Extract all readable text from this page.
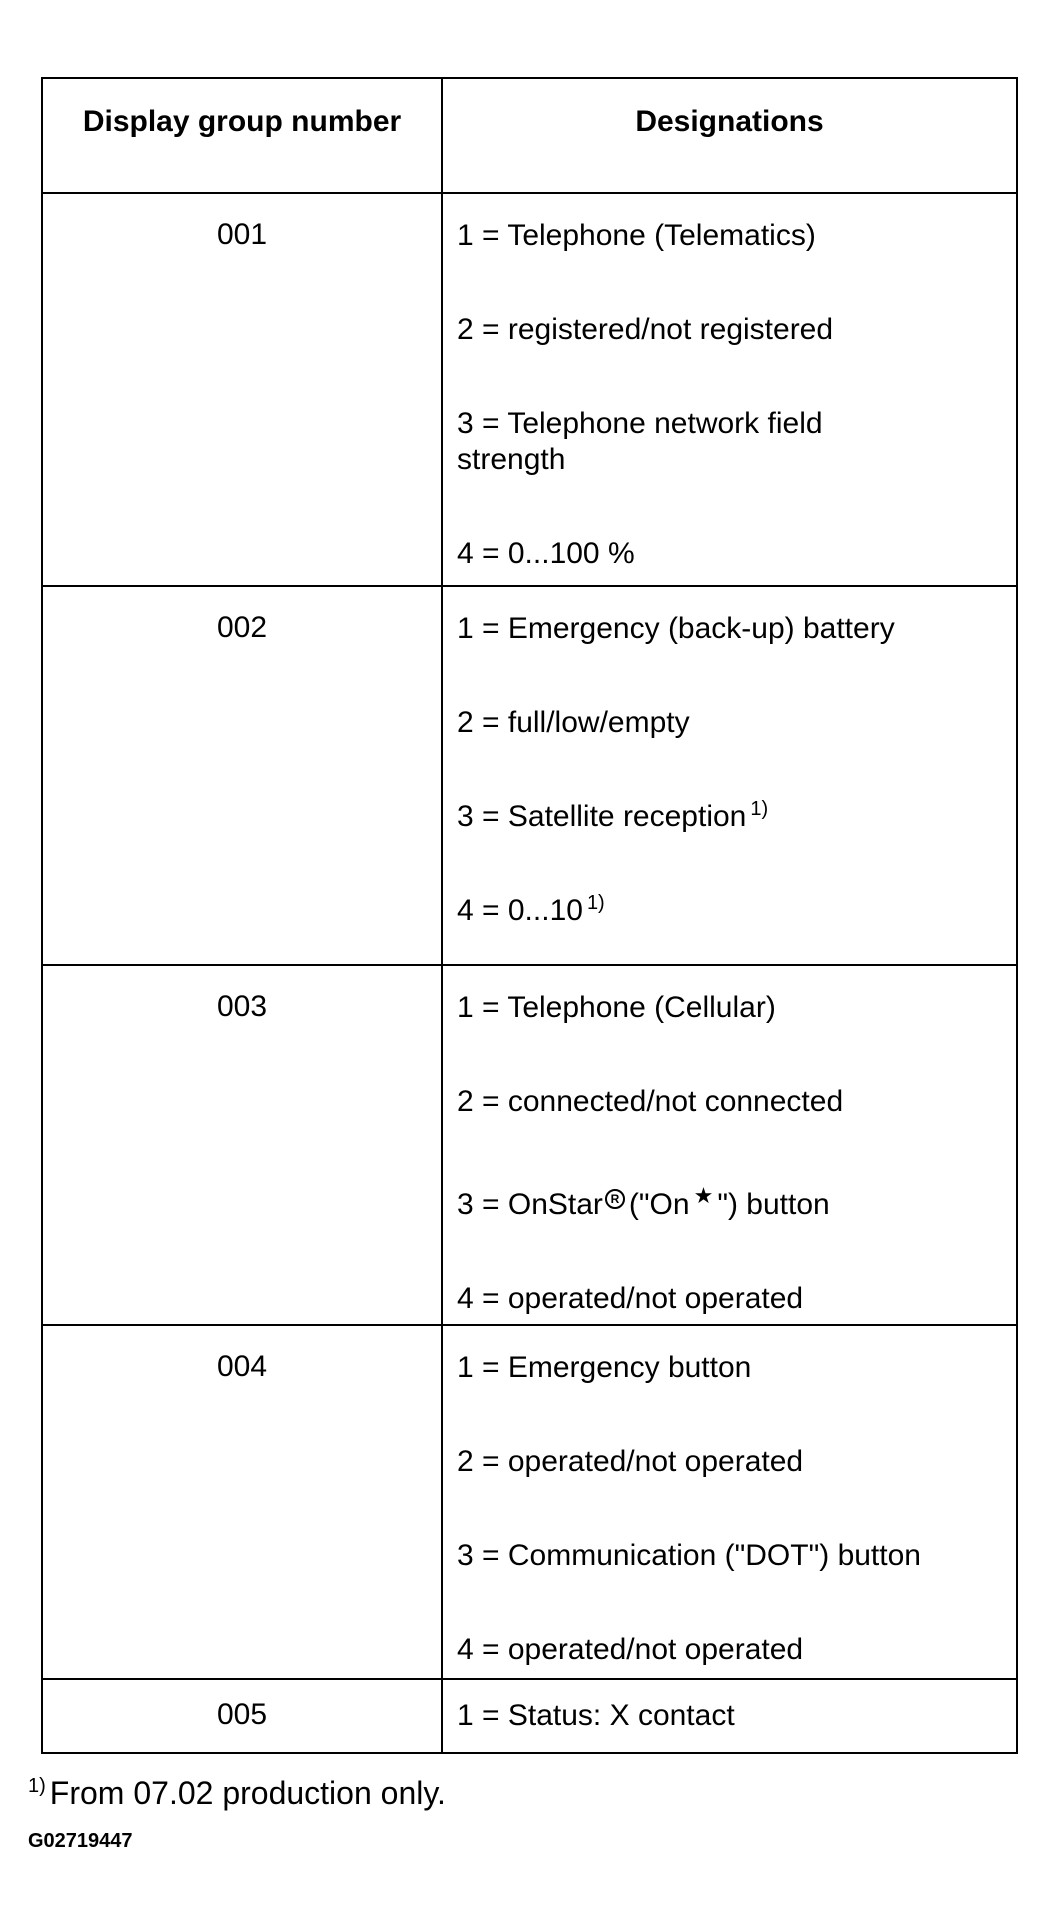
Display group number	Designations
001	1 = Telephone (Telematics)
2 = registered/not registered
3 = Telephone network field strength
4 = 0...100 %
002	1 = Emergency (back-up) battery
2 = full/low/empty
3 = Satellite reception $^{1)}$
4 = 0...10 $^{1)}$
003	1 = Telephone (Cellular)
2 = connected/not connected
3 = OnStar R ("On ★ ") button
4 = operated/not operated
004	1 = Emergency button
2 = operated/not operated
3 = Communication ("DOT") button
4 = operated/not operated
005	1 = Status: X contact
$^{1)}$ From 07.02 production only.
G02719447
